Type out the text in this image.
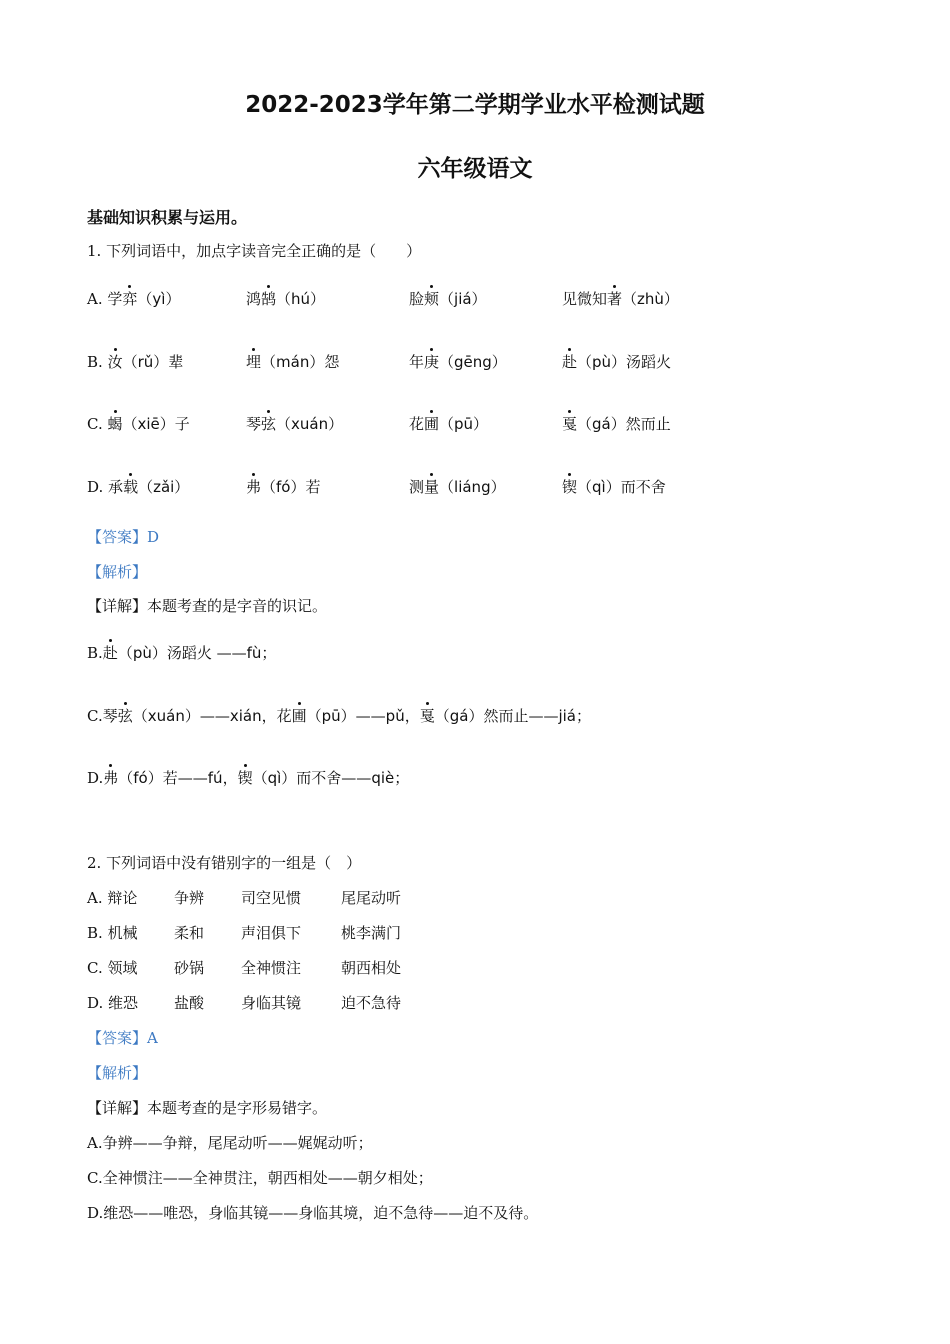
2022-2023学年第二学期学业水平检测试题
六年级语文
基础知识积累与运用。
1. 下列词语中，加点字读音完全正确的是（　　）
A. 学弈（yì）	鸿鹄（hú）	脸颊（jiá）	见微知著（zhù）
B. 汝（rǔ）辈	埋（mán）怨	年庚（gēng）	赴（pù）汤蹈火
C. 蝎（xiē）子	琴弦（xuán）	花圃（pū）	戛（gá）然而止
D. 承载（zǎi）	弗（fó）若	测量（liáng）	锲（qì）而不舍
【答案】D
【解析】
【详解】本题考查的是字音的识记。
B.赴（pù）汤蹈火 ——fù；
C.琴弦（xuán）——xián，花圃（pū）——pǔ，戛（gá）然而止——jiá；
D.弗（fó）若——fú，锲（qì）而不舍——qiè；
2. 下列词语中没有错别字的一组是（　）
A. 辩论 争辨 司空见惯	尾尾动听
B. 机械 柔和 声泪俱下	桃李满门
C. 领域 砂锅 全神惯注	朝西相处
D. 维恐 盐酸 身临其镜	迫不急待
【答案】A
【解析】
【详解】本题考查的是字形易错字。
A.争辨——争辩，尾尾动听——娓娓动听；
C.全神惯注——全神贯注，朝西相处——朝夕相处；
D.维恐——唯恐，身临其镜——身临其境，迫不急待——迫不及待。
